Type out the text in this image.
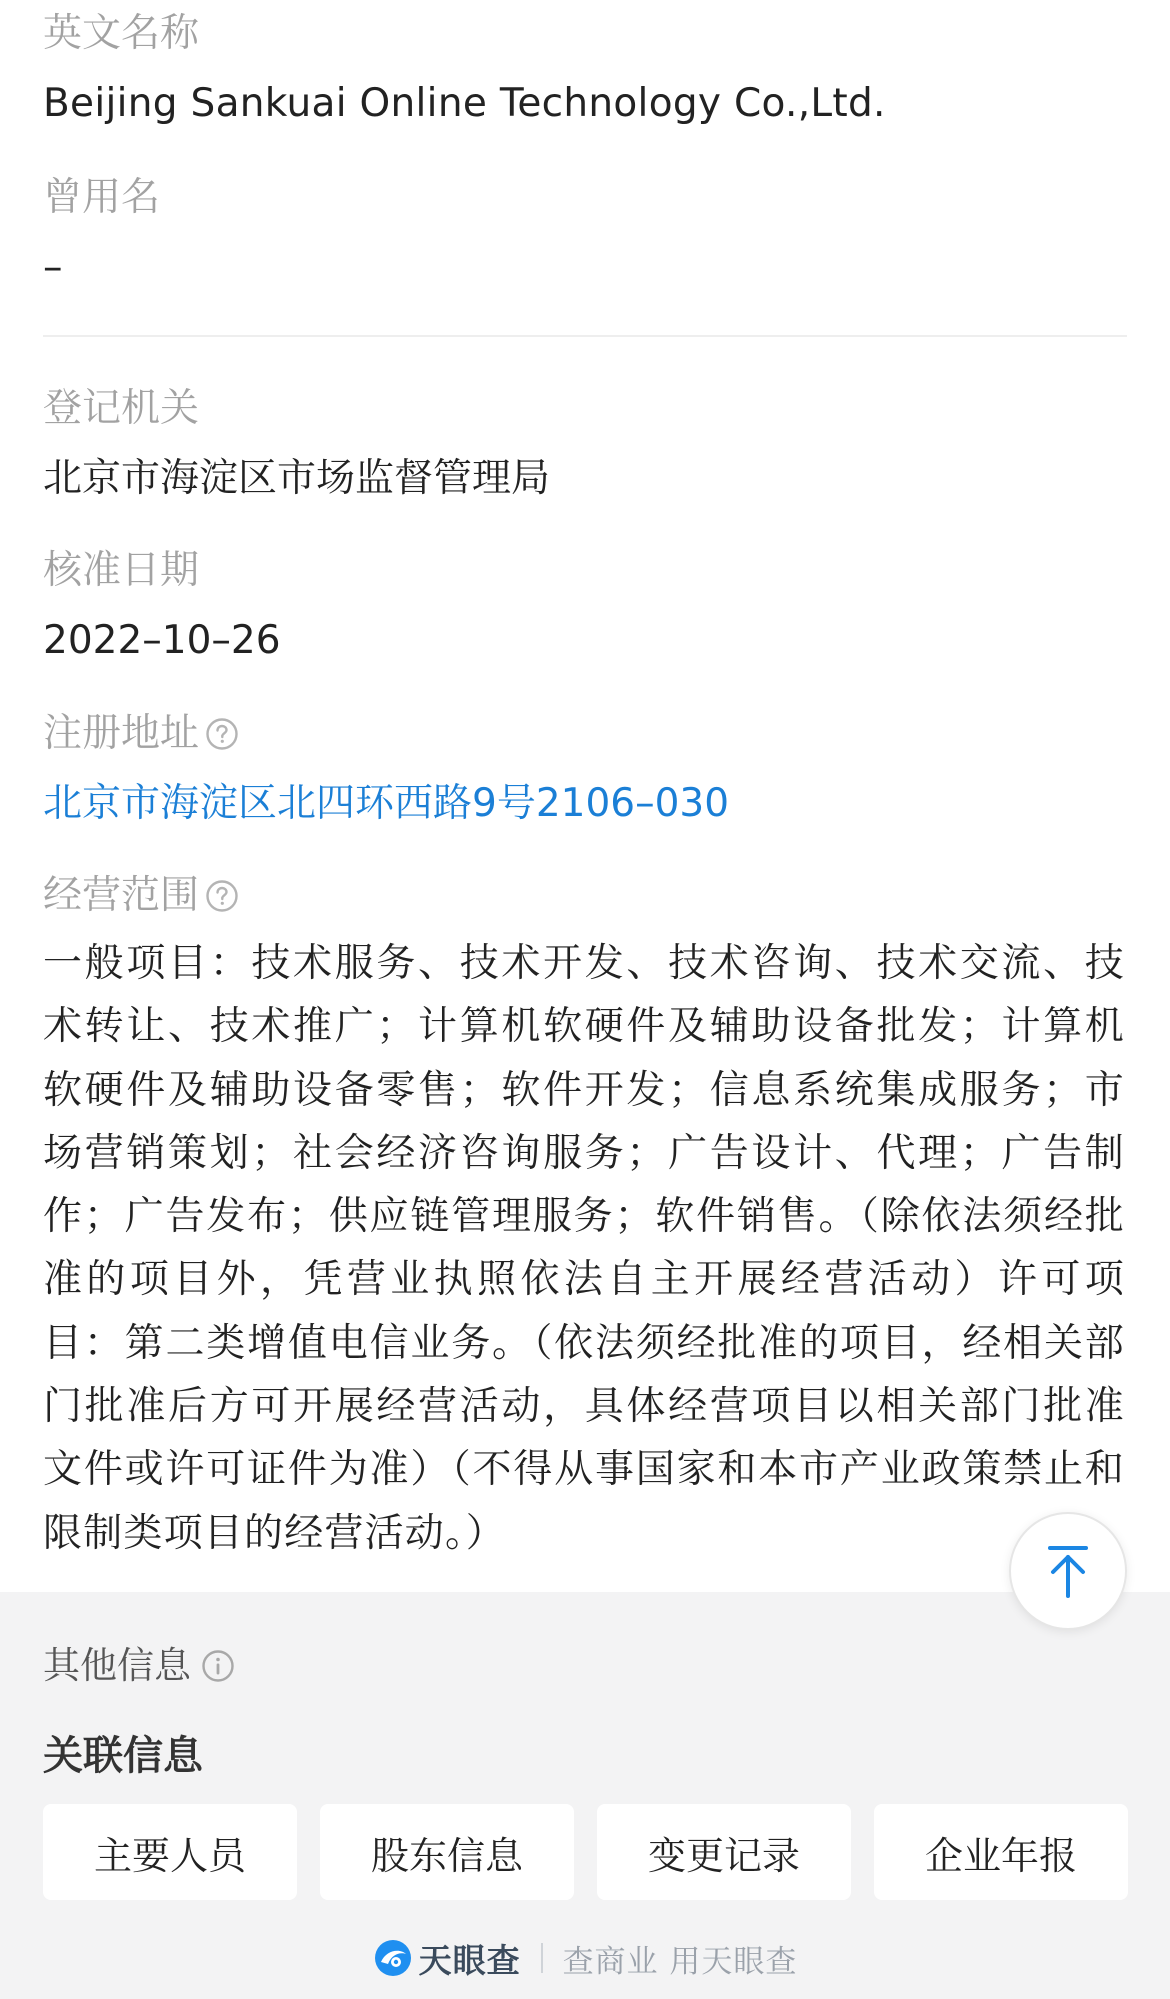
英文名称
Beijing Sankuai Online Technology Co.,Ltd.
曾用名
–
登记机关
北京市海淀区市场监督管理局
核准日期
2022–10–26
注册地址
北京市海淀区北四环西路9号2106–030
经营范围
一般项目：技术服务、技术开发、技术咨询、技术交流、技术转让、技术推广；计算机软硬件及辅助设备批发；计算机软硬件及辅助设备零售；软件开发；信息系统集成服务；市场营销策划；社会经济咨询服务；广告设计、代理；广告制作；广告发布；供应链管理服务；软件销售。（除依法须经批准的项目外，凭营业执照依法自主开展经营活动）许可项目：第二类增值电信业务。（依法须经批准的项目，经相关部门批准后方可开展经营活动，具体经营项目以相关部门批准文件或许可证件为准）（不得从事国家和本市产业政策禁止和限制类项目的经营活动。）
其他信息
关联信息
主要人员	股东信息	变更记录	企业年报
天眼查 查商业 用天眼查
